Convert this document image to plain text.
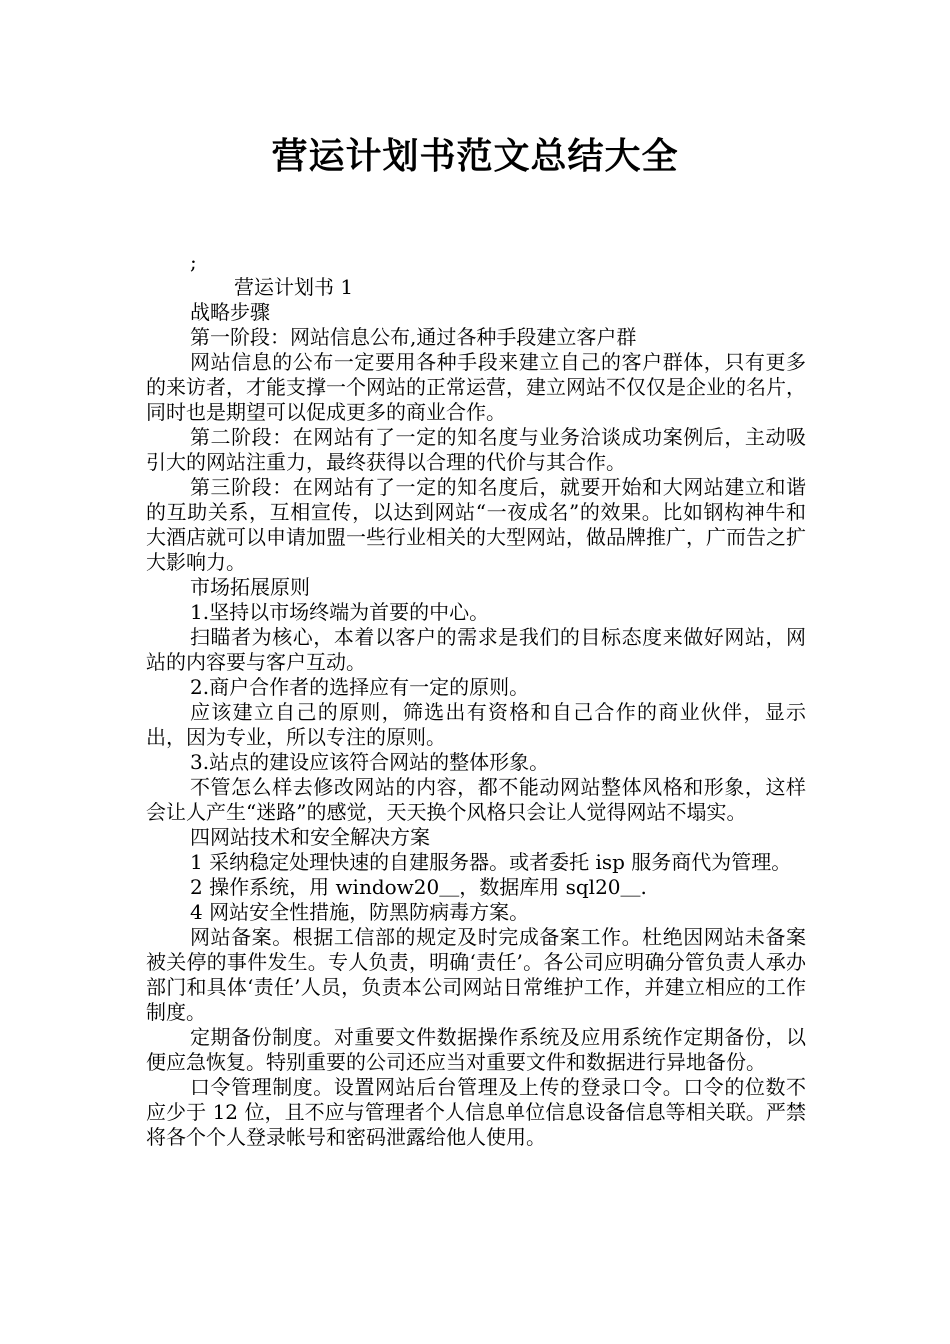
营运计划书范文总结大全

;

营运计划书 1

战略步骤

第一阶段：网站信息公布,通过各种手段建立客户群

网站信息的公布一定要用各种手段来建立自己的客户群体，只有更多的来访者，才能支撑一个网站的正常运营，建立网站不仅仅是企业的名片，同时也是期望可以促成更多的商业合作。

第二阶段：在网站有了一定的知名度与业务洽谈成功案例后，主动吸引大的网站注重力，最终获得以合理的代价与其合作。

第三阶段：在网站有了一定的知名度后，就要开始和大网站建立和谐的互助关系，互相宣传，以达到网站“一夜成名”的效果。比如钢构神牛和大酒店就可以申请加盟一些行业相关的大型网站，做品牌推广，广而告之扩大影响力。

市场拓展原则

1.坚持以市场终端为首要的中心。

扫瞄者为核心，本着以客户的需求是我们的目标态度来做好网站，网站的内容要与客户互动。

2.商户合作者的选择应有一定的原则。

应该建立自己的原则，筛选出有资格和自己合作的商业伙伴，显示出，因为专业，所以专注的原则。

3.站点的建设应该符合网站的整体形象。

不管怎么样去修改网站的内容，都不能动网站整体风格和形象，这样会让人产生“迷路”的感觉，天天换个风格只会让人觉得网站不塌实。

四网站技术和安全解决方案

1 采纳稳定处理快速的自建服务器。或者委托 isp 服务商代为管理。

2 操作系统，用 window20＿，数据库用 sql20＿.

4 网站安全性措施，防黑防病毒方案。

网站备案。根据工信部的规定及时完成备案工作。杜绝因网站未备案被关停的事件发生。专人负责，明确‘责任’。各公司应明确分管负责人承办部门和具体‘责任’人员，负责本公司网站日常维护工作，并建立相应的工作制度。

定期备份制度。对重要文件数据操作系统及应用系统作定期备份，以便应急恢复。特别重要的公司还应当对重要文件和数据进行异地备份。

口令管理制度。设置网站后台管理及上传的登录口令。口令的位数不应少于 12 位，且不应与管理者个人信息单位信息设备信息等相关联。严禁将各个个人登录帐号和密码泄露给他人使用。
